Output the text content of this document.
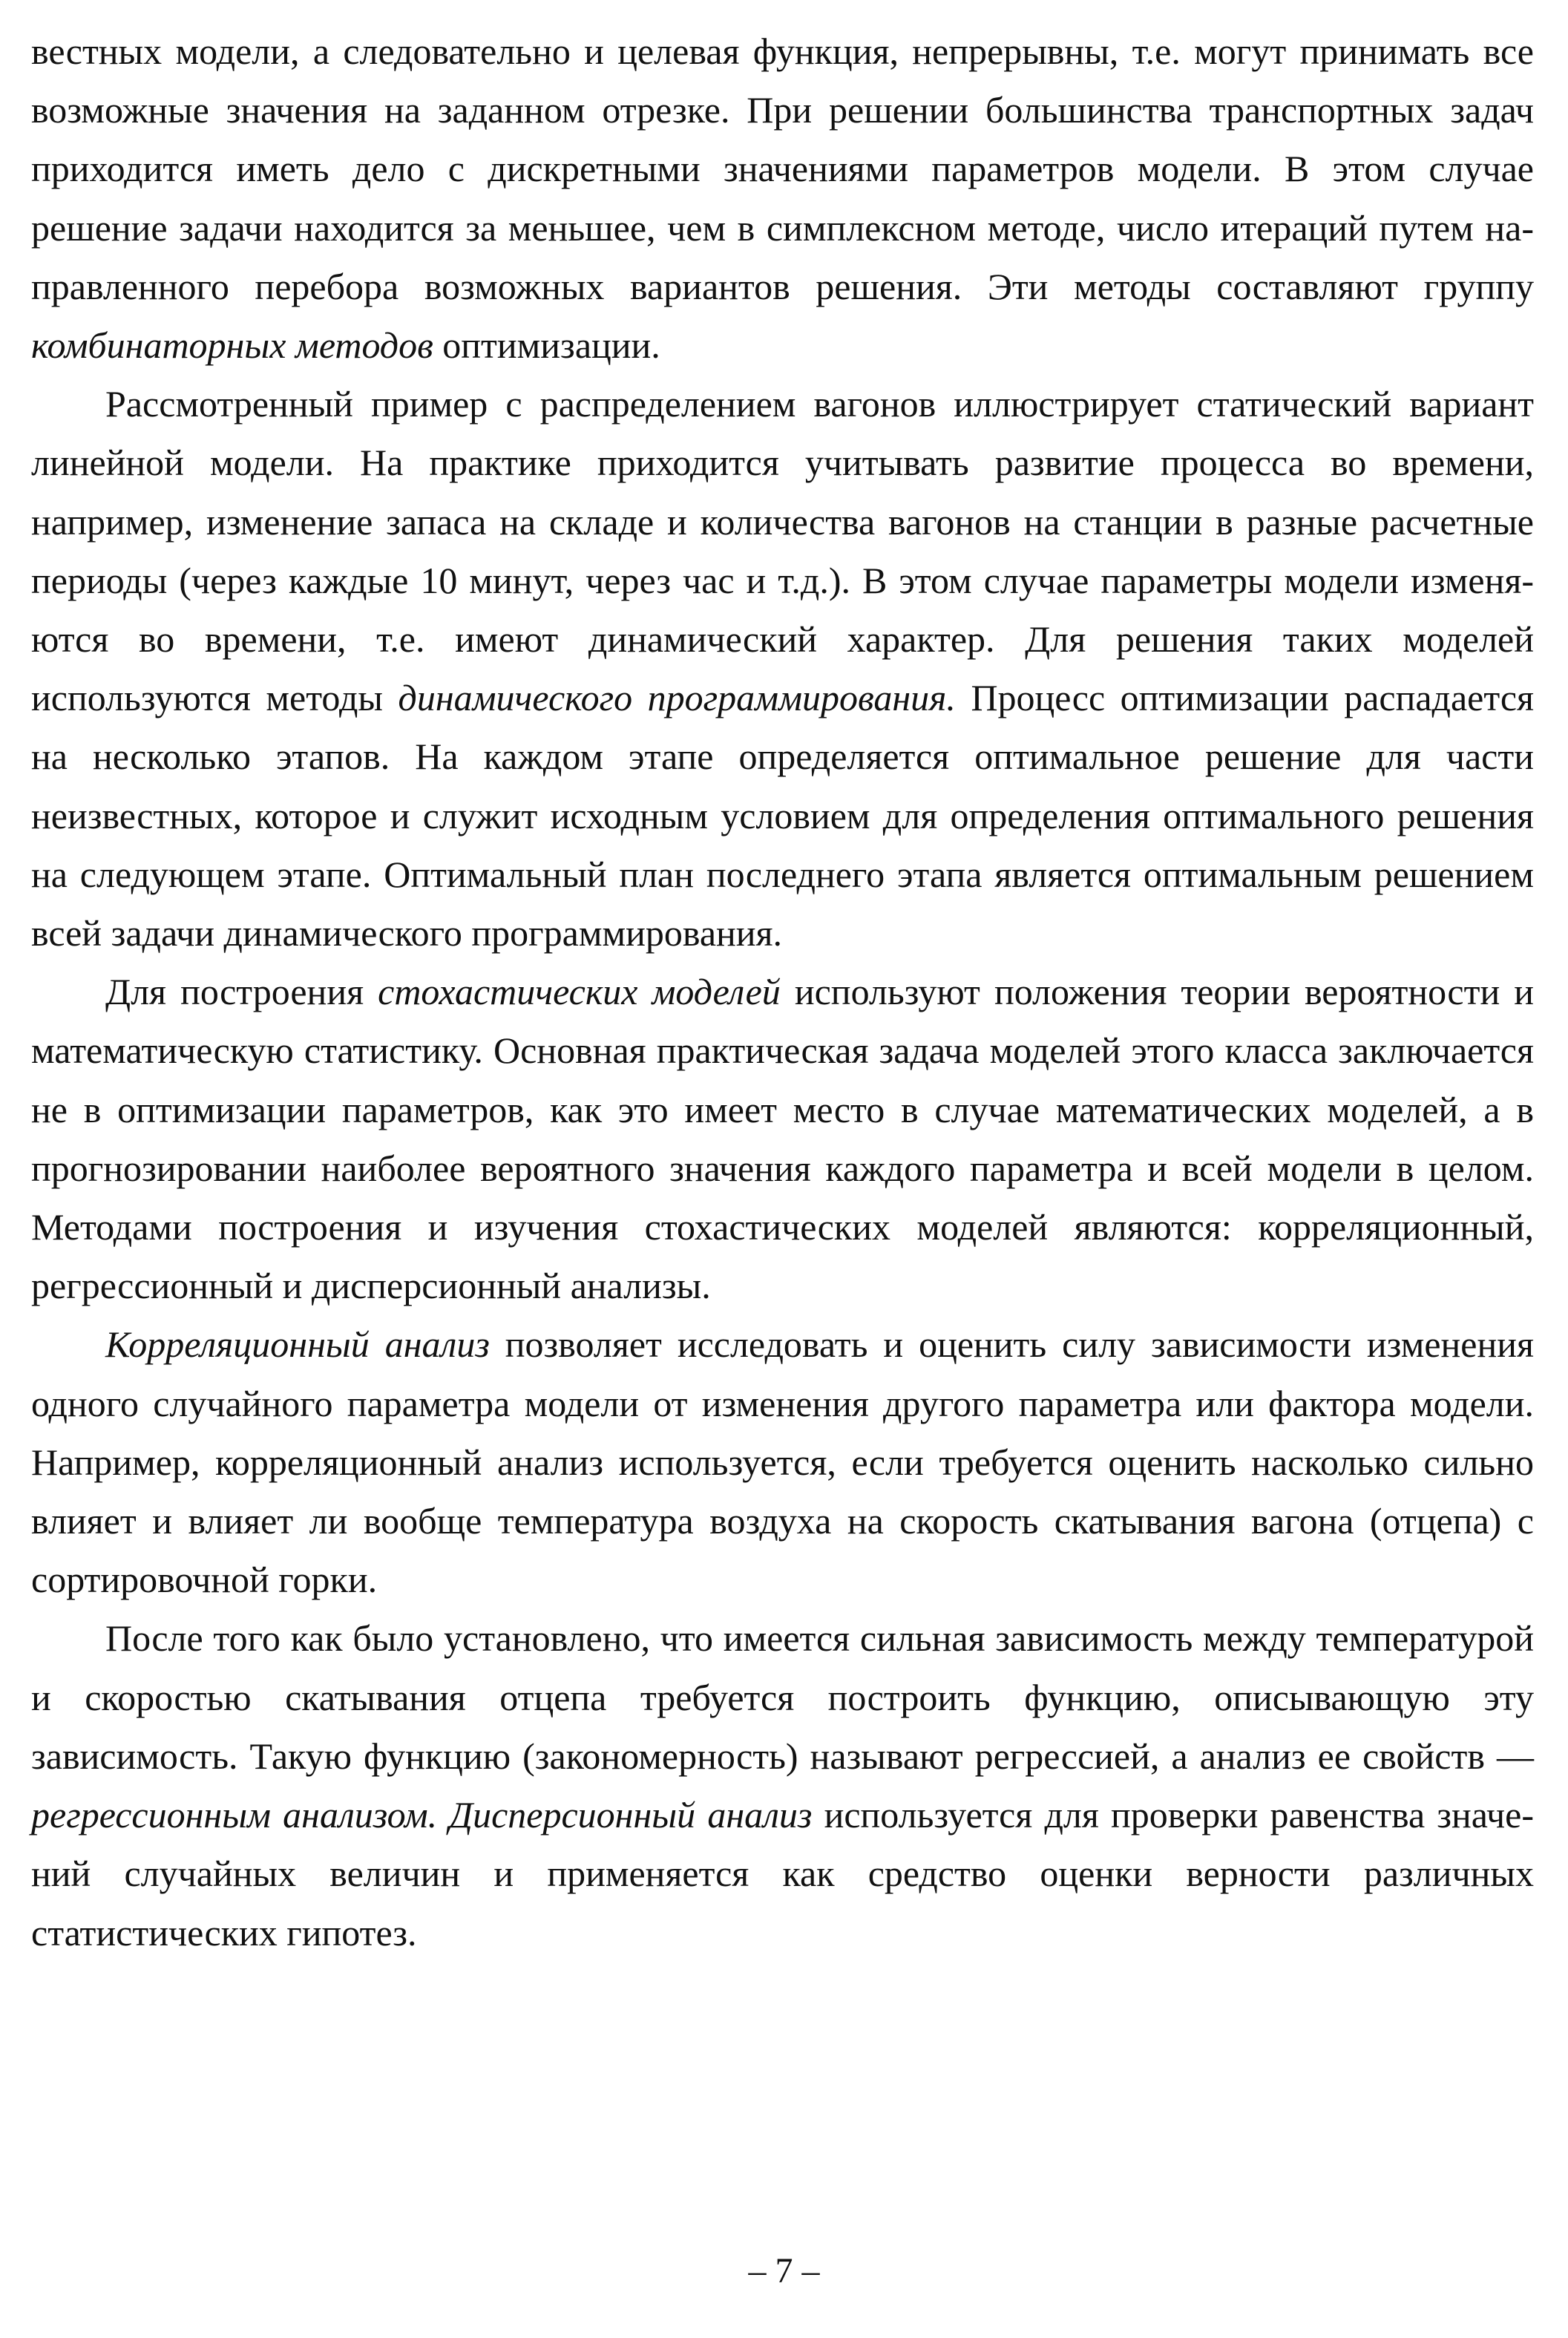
вестных модели, а следовательно и целевая функция, непрерывны, т.е. могут принимать все возможные значения на заданном отрезке. При решении большинства транспортных задач приходится иметь дело с дискретными значениями параметров модели. В этом случае решение задачи находится за меньшее, чем в симплексном методе, число итераций путем направленного перебора возможных вариантов решения. Эти методы составляют группу комбинаторных методов оптимизации.

Рассмотренный пример с распределением вагонов иллюстрирует статический вариант линейной модели. На практике приходится учитывать развитие процесса во времени, например, изменение запаса на складе и количества вагонов на станции в разные расчетные периоды (через каждые 10 минут, через час и т.д.). В этом случае параметры модели изменяются во времени, т.е. имеют динамический характер. Для решения таких моделей используются методы динамического программирования. Процесс оптимизации распадается на несколько этапов. На каждом этапе определяется оптимальное решение для части неизвестных, которое и служит исходным условием для определения оптимального решения на следующем этапе. Оптимальный план последнего этапа является оптимальным решением всей задачи динамического программирования.

Для построения стохастических моделей используют положения теории вероятности и математическую статистику. Основная практическая задача моделей этого класса заключается не в оптимизации параметров, как это имеет место в случае математических моделей, а в прогнозировании наиболее вероятного значения каждого параметра и всей модели в целом. Методами построения и изучения стохастических моделей являются: корреляционный, регрессионный и дисперсионный анализы.

Корреляционный анализ позволяет исследовать и оценить силу зависимости изменения одного случайного параметра модели от изменения другого параметра или фактора модели. Например, корреляционный анализ используется, если требуется оценить насколько сильно влияет и влияет ли вообще температура воздуха на скорость скатывания вагона (отцепа) с сортировочной горки.

После того как было установлено, что имеется сильная зависимость между температурой и скоростью скатывания отцепа требуется построить функцию, описывающую эту зависимость. Такую функцию (закономерность) называют регрессией, а анализ ее свойств — регрессионным анализом. Дисперсионный анализ используется для проверки равенства значений случайных величин и применяется как средство оценки верности различных статистических гипотез.

– 7 –
